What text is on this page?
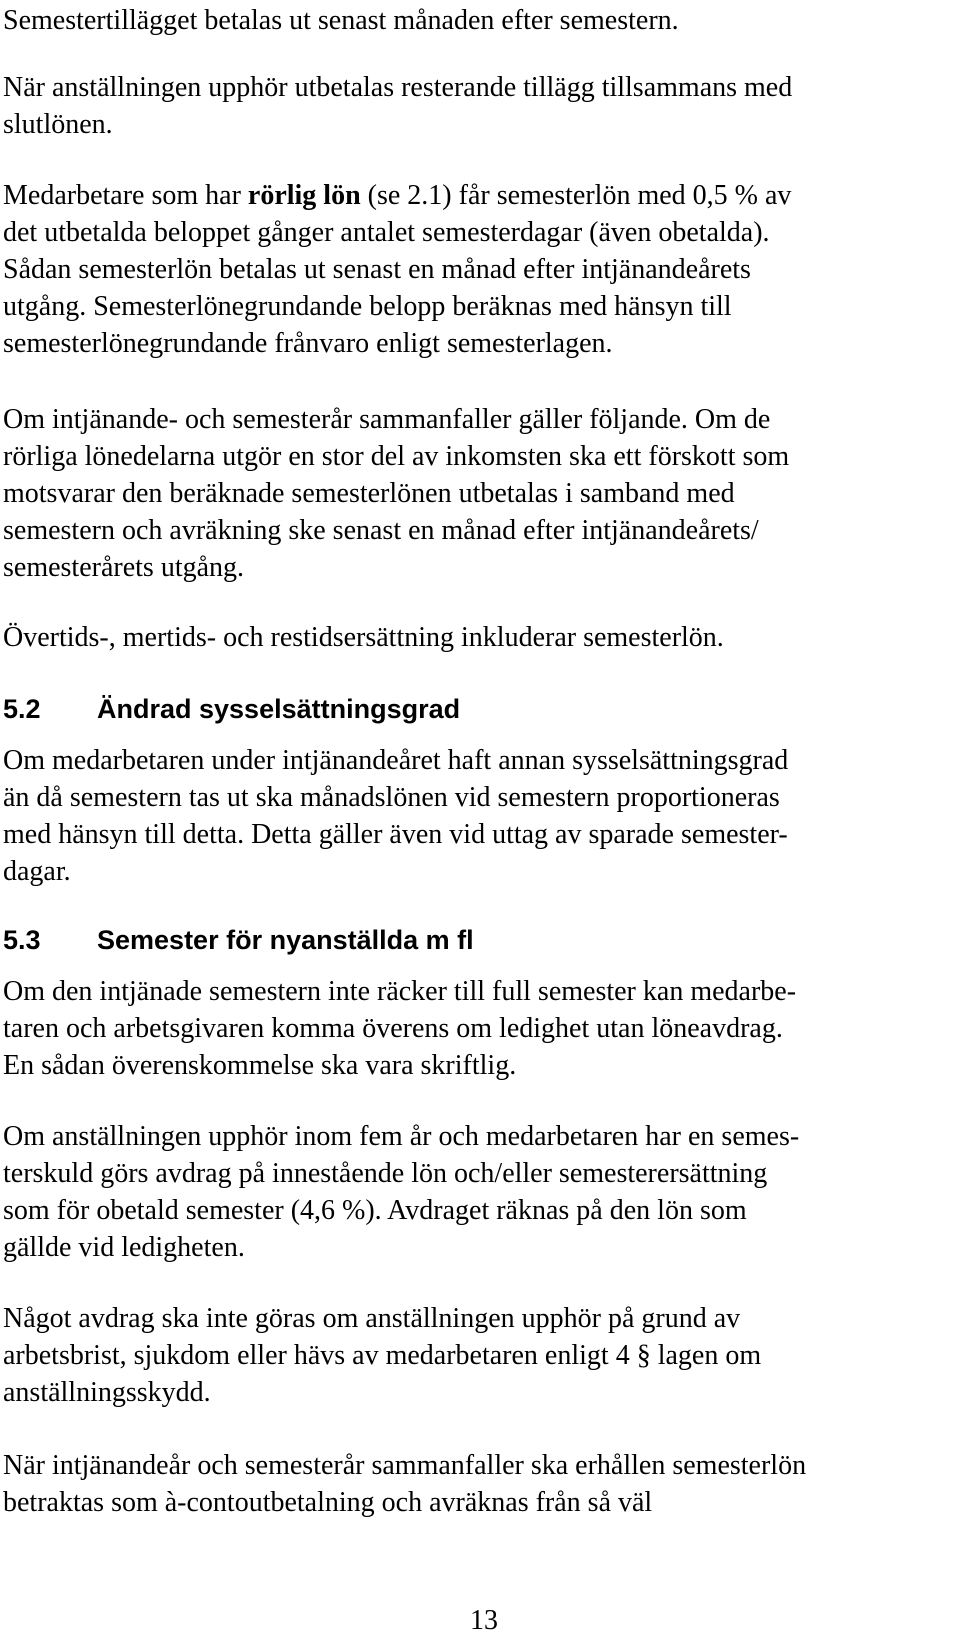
Semestertillägget betalas ut senast månaden efter semestern.

När anställningen upphör utbetalas resterande tillägg tillsammans med
slutlönen.

Medarbetare som har rörlig lön (se 2.1) får semesterlön med 0,5 % av
det utbetalda beloppet gånger antalet semesterdagar (även obetalda).
Sådan semesterlön betalas ut senast en månad efter intjänandeårets
utgång. Semesterlönegrundande belopp beräknas med hänsyn till
semesterlönegrundande frånvaro enligt semesterlagen.

Om intjänande- och semesterår sammanfaller gäller följande. Om de
rörliga lönedelarna utgör en stor del av inkomsten ska ett förskott som
motsvarar den beräknade semesterlönen utbetalas i samband med
semestern och avräkning ske senast en månad efter intjänandeårets/
semesterårets utgång.

Övertids-, mertids- och restidsersättning inkluderar semesterlön.

5.2 Ändrad sysselsättningsgrad

Om medarbetaren under intjänandeåret haft annan sysselsättningsgrad
än då semestern tas ut ska månadslönen vid semestern proportioneras
med hänsyn till detta. Detta gäller även vid uttag av sparade semester-
dagar.

5.3 Semester för nyanställda m fl

Om den intjänade semestern inte räcker till full semester kan medarbe-
taren och arbetsgivaren komma överens om ledighet utan löneavdrag.
En sådan överenskommelse ska vara skriftlig.

Om anställningen upphör inom fem år och medarbetaren har en semes-
terskuld görs avdrag på innestående lön och/eller semesterersättning
som för obetald semester (4,6 %). Avdraget räknas på den lön som
gällde vid ledigheten.

Något avdrag ska inte göras om anställningen upphör på grund av
arbetsbrist, sjukdom eller hävs av medarbetaren enligt 4 § lagen om
anställningsskydd.

När intjänandeår och semesterår sammanfaller ska erhållen semesterlön
betraktas som à-contoutbetalning och avräknas från så väl

13
